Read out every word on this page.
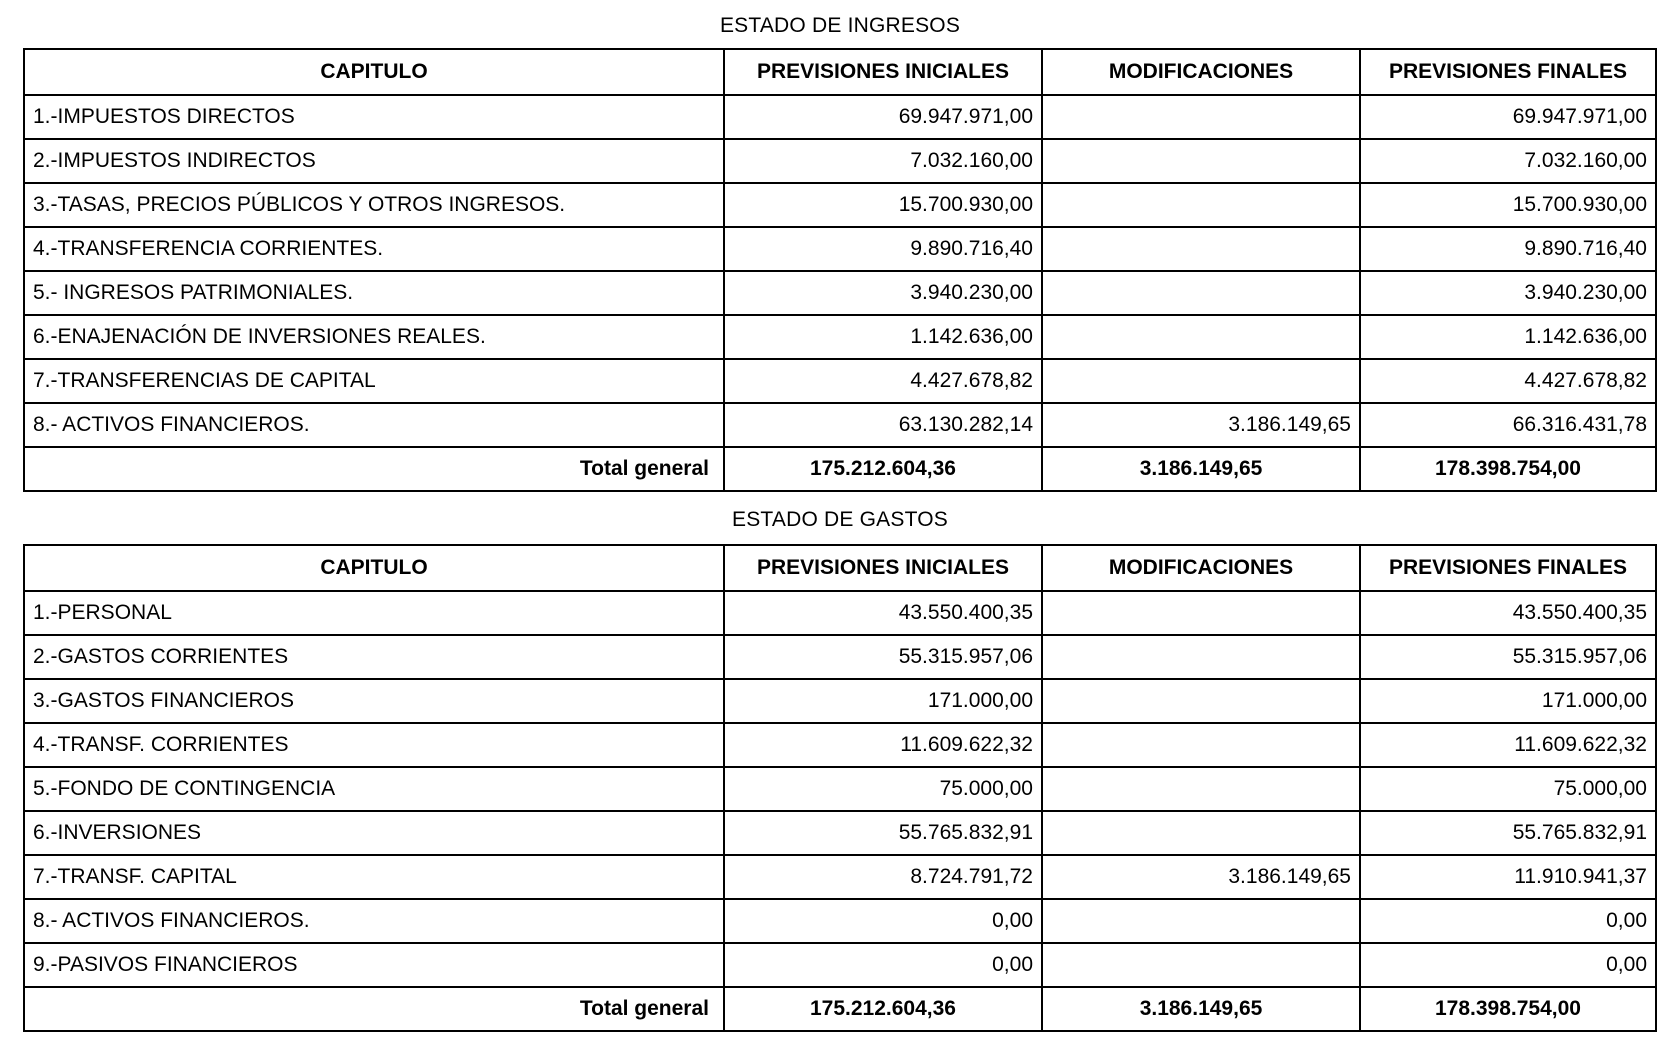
ESTADO DE INGRESOS
CAPITULO	PREVISIONES INICIALES	MODIFICACIONES	PREVISIONES FINALES
1.-IMPUESTOS DIRECTOS	69.947.971,00		69.947.971,00
2.-IMPUESTOS INDIRECTOS	7.032.160,00		7.032.160,00
3.-TASAS, PRECIOS PÚBLICOS Y OTROS INGRESOS.	15.700.930,00		15.700.930,00
4.-TRANSFERENCIA CORRIENTES.	9.890.716,40		9.890.716,40
5.- INGRESOS PATRIMONIALES.	3.940.230,00		3.940.230,00
6.-ENAJENACIÓN DE INVERSIONES REALES.	1.142.636,00		1.142.636,00
7.-TRANSFERENCIAS DE CAPITAL	4.427.678,82		4.427.678,82
8.- ACTIVOS FINANCIEROS.	63.130.282,14	3.186.149,65	66.316.431,78
Total general	175.212.604,36	3.186.149,65	178.398.754,00
ESTADO DE GASTOS
CAPITULO	PREVISIONES INICIALES	MODIFICACIONES	PREVISIONES FINALES
1.-PERSONAL	43.550.400,35		43.550.400,35
2.-GASTOS CORRIENTES	55.315.957,06		55.315.957,06
3.-GASTOS FINANCIEROS	171.000,00		171.000,00
4.-TRANSF. CORRIENTES	11.609.622,32		11.609.622,32
5.-FONDO DE CONTINGENCIA	75.000,00		75.000,00
6.-INVERSIONES	55.765.832,91		55.765.832,91
7.-TRANSF. CAPITAL	8.724.791,72	3.186.149,65	11.910.941,37
8.- ACTIVOS FINANCIEROS.	0,00		0,00
9.-PASIVOS FINANCIEROS	0,00		0,00
Total general	175.212.604,36	3.186.149,65	178.398.754,00
